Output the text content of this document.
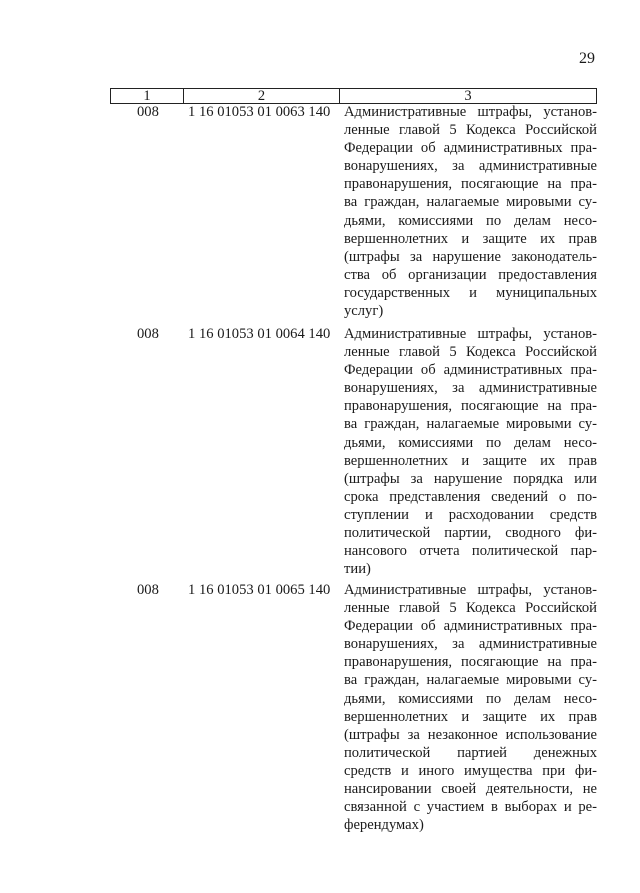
29
1	2	3
008 1 16 01053 01 0063 140 Административные штрафы, установ-
ленные главой 5 Кодекса Российской
Федерации об административных пра-
вонарушениях, за административные
правонарушения, посягающие на пра-
ва граждан, налагаемые мировыми су-
дьями, комиссиями по делам несо-
вершеннолетних и защите их прав
(штрафы за нарушение законодатель-
ства об организации предоставления
государственных и муниципальных
услуг)
008 1 16 01053 01 0064 140 Административные штрафы, установ-
ленные главой 5 Кодекса Российской
Федерации об административных пра-
вонарушениях, за административные
правонарушения, посягающие на пра-
ва граждан, налагаемые мировыми су-
дьями, комиссиями по делам несо-
вершеннолетних и защите их прав
(штрафы за нарушение порядка или
срока представления сведений о по-
ступлении и расходовании средств
политической партии, сводного фи-
нансового отчета политической пар-
тии)
008 1 16 01053 01 0065 140 Административные штрафы, установ-
ленные главой 5 Кодекса Российской
Федерации об административных пра-
вонарушениях, за административные
правонарушения, посягающие на пра-
ва граждан, налагаемые мировыми су-
дьями, комиссиями по делам несо-
вершеннолетних и защите их прав
(штрафы за незаконное использование
политической партией денежных
средств и иного имущества при фи-
нансировании своей деятельности, не
связанной с участием в выборах и ре-
ферендумах)
